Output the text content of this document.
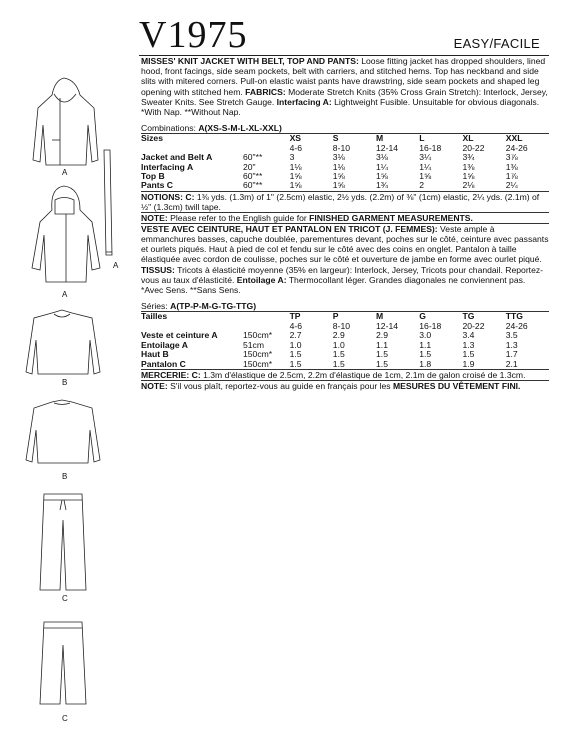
V1975	EASY/FACILE
A
A
A
B
B
C
C

MISSES' KNIT JACKET WITH BELT, TOP AND PANTS: Loose fitting jacket has dropped shoulders, lined hood, front facings, side seam pockets, belt with carriers, and stitched hems. Top has neckband and side slits with mitered corners. Pull-on elastic waist pants have drawstring, side seam pockets and shaped leg opening with stitched hem. FABRICS: Moderate Stretch Knits (35% Cross Grain Stretch): Interlock, Jersey, Sweater Knits. See Stretch Gauge. Interfacing A: Lightweight Fusible. Unsuitable for obvious diagonals. *With Nap. **Without Nap.

Combinations: A(XS-S-M-L-XL-XXL)
Sizes		XS	S	M	L	XL	XXL
		4-6	8-10	12-14	16-18	20-22	24-26
Jacket and Belt A	60"**	3	3⅛	3⅛	3¼	3¾	3⅞
Interfacing A	20"	1⅛	1⅛	1¼	1¼	1⅜	1⅜
Top B	60"**	1⅝	1⅝	1⅝	1⅝	1⅝	1⅞
Pants C	60"**	1⅝	1⅝	1¾	2	2⅛	2¼

NOTIONS: C: 1⅜ yds. (1.3m) of 1" (2.5cm) elastic, 2½ yds. (2.2m) of ⅜" (1cm) elastic, 2¼ yds. (2.1m) of ½" (1.3cm) twill tape.

NOTE: Please refer to the English guide for FINISHED GARMENT MEASUREMENTS.

VESTE AVEC CEINTURE, HAUT ET PANTALON EN TRICOT (J. FEMMES): Veste ample à emmanchures basses, capuche doublée, parementures devant, poches sur le côté, ceinture avec passants et ourlets piqués. Haut à pied de col et fendu sur le côté avec des coins en onglet. Pantalon à taille élastiquée avec cordon de coulisse, poches sur le côté et ouverture de jambe en forme avec ourlet piqué. TISSUS: Tricots à élasticité moyenne (35% en largeur): Interlock, Jersey, Tricots pour chandail. Reportez-vous au taux d'élasticité. Entoilage A: Thermocollant léger. Grandes diagonales ne conviennent pas. *Avec Sens. **Sans Sens.

Séries: A(TP-P-M-G-TG-TTG)
Tailles		TP	P	M	G	TG	TTG
		4-6	8-10	12-14	16-18	20-22	24-26
Veste et ceinture A	150cm*	2.7	2.9	2.9	3.0	3.4	3.5
Entoilage A	51cm	1.0	1.0	1.1	1.1	1.3	1.3
Haut B	150cm*	1.5	1.5	1.5	1.5	1.5	1.7
Pantalon C	150cm*	1.5	1.5	1.5	1.8	1.9	2.1

MERCERIE: C: 1.3m d'élastique de 2.5cm, 2.2m d'élastique de 1cm, 2.1m de galon croisé de 1.3cm.

NOTE: S'il vous plaît, reportez-vous au guide en français pour les MESURES DU VÊTEMENT FINI.
